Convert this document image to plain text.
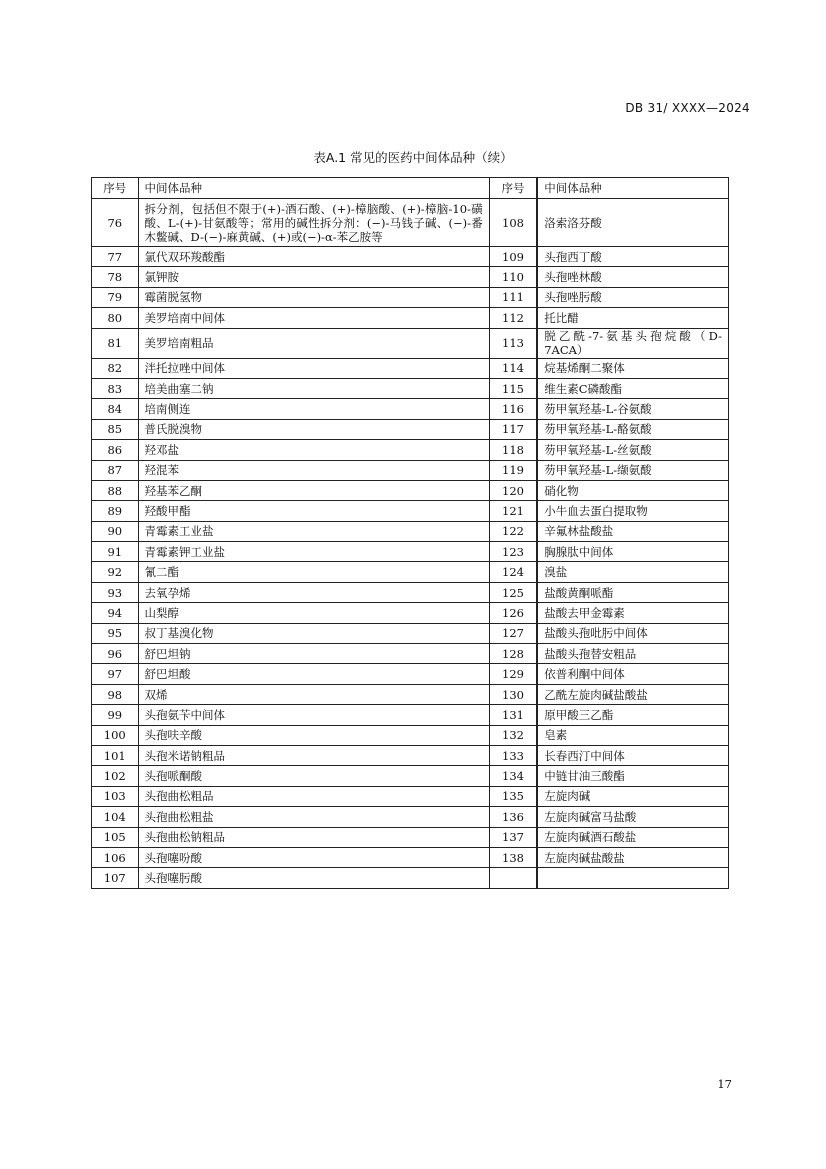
DB 31/ XXXX—2024
表A.1 常见的医药中间体品种（续）
序号	中间体品种	序号	中间体品种
76	拆分剂，包括但不限于(+)-酒石酸、(+)-樟脑酸、(+)-樟脑-10-磺酸、L-(+)-甘氨酸等；常用的碱性拆分剂：(−)-马钱子碱、(−)-番木鳖碱、D-(−)-麻黄碱、(+)或(−)-α-苯乙胺等	108	洛索洛芬酸
77	氯代双环羧酸酯	109	头孢西丁酸
78	氯钾胺	110	头孢唑林酸
79	霉菌脱氢物	111	头孢唑肟酸
80	美罗培南中间体	112	托比醋
81	美罗培南粗品	113	脱乙酰-7-氨基头孢烷酸（D-7ACA）
82	泮托拉唑中间体	114	烷基烯酮二聚体
83	培美曲塞二钠	115	维生素C磷酸酯
84	培南侧连	116	芴甲氧羟基-L-谷氨酸
85	普氏脱溴物	117	芴甲氧羟基-L-酪氨酸
86	羟邓盐	118	芴甲氧羟基-L-丝氨酸
87	羟混苯	119	芴甲氧羟基-L-缬氨酸
88	羟基苯乙酮	120	硝化物
89	羟酸甲酯	121	小牛血去蛋白提取物
90	青霉素工业盐	122	辛氟林盐酸盐
91	青霉素钾工业盐	123	胸腺肽中间体
92	氰二酯	124	溴盐
93	去氧孕烯	125	盐酸黄酮哌酯
94	山梨醇	126	盐酸去甲金霉素
95	叔丁基溴化物	127	盐酸头孢吡肟中间体
96	舒巴坦钠	128	盐酸头孢替安粗品
97	舒巴坦酸	129	依普利酮中间体
98	双烯	130	乙酰左旋肉碱盐酸盐
99	头孢氨苄中间体	131	原甲酸三乙酯
100	头孢呋辛酸	132	皂素
101	头孢米诺钠粗品	133	长春西汀中间体
102	头孢哌酮酸	134	中链甘油三酸酯
103	头孢曲松粗品	135	左旋肉碱
104	头孢曲松粗盐	136	左旋肉碱富马盐酸
105	头孢曲松钠粗品	137	左旋肉碱酒石酸盐
106	头孢噻吩酸	138	左旋肉碱盐酸盐
107	头孢噻肟酸		
17
